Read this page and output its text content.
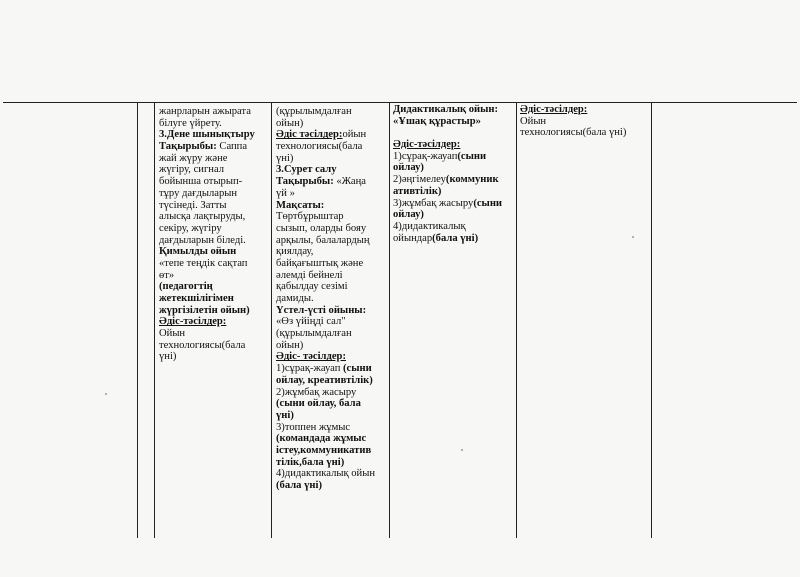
жанрларын ажырата
білуге үйрету.
3.Дене шынықтыру
Тақырыбы: Саппа
жай жүру және
жүгіру, сигнал
бойынша отырып-
тұру дағдыларын
түсінеді. Затты
алысқа лақтыруды,
секіру, жүгіру
дағдыларын біледі.
Қимылды ойын
«тепе теңдік сақтап
өт»
(педагогтің
жетекшілігімен
жүргізілетін ойын)
Әдіс-тәсілдер:
Ойын
технологиясы(бала
үні)
(құрылымдалған
ойын)
Әдіс тәсілдер:ойын
технологиясы(бала
үні)
3.Сурет салу
Тақырыбы: «Жаңа
үй »
Мақсаты:
Төртбұрыштар
сызып, оларды бояу
арқылы, балалардың
қиялдау,
байқағыштық және
әлемді бейнелі
қабылдау сезімі
дамиды.
Үстел-үсті ойыны:
«Өз үйіңді сал"
(құрылымдалған
ойын)
Әдіс- тәсілдер:
1)сұрақ-жауап (сыни
ойлау, креативтілік)
2)жұмбақ жасыру
(сыни ойлау, бала
үні)
3)топпен жұмыс
(командада жұмыс
істеу,коммуникатив
тілік,бала үні)
4)дидактикалық ойын
(бала үні)
Дидактикалық ойын:
«Ұшақ құрастыр»
Әдіс-тәсілдер:
1)сұрақ-жауап(сыни
ойлау)
2)әңгімелеу(коммуник
ативтілік)
3)жұмбақ жасыру(сыни
ойлау)
4)дидактикалық
ойындар(бала үні)
Әдіс-тәсілдер:
Ойын
технологиясы(бала үні)
